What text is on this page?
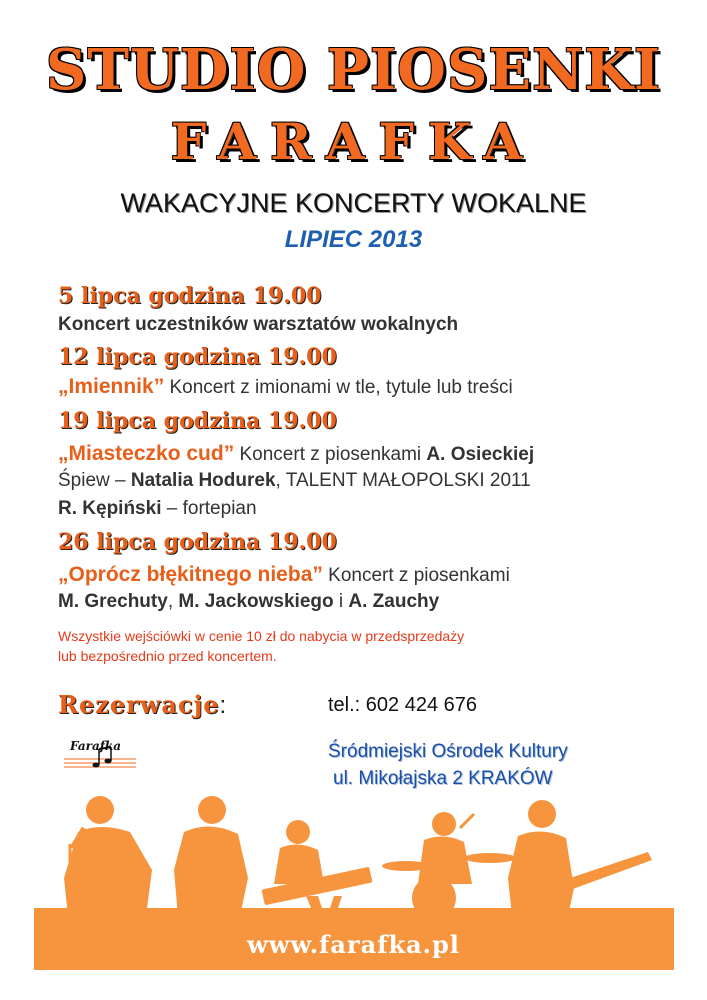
STUDIO PIOSENKI
FARAFKA
WAKACYJNE KONCERTY WOKALNE
LIPIEC 2013
5 lipca godzina 19.00
Koncert uczestników warsztatów wokalnych
12 lipca godzina 19.00
„Imiennik” Koncert z imionami w tle, tytule lub treści
19 lipca godzina 19.00
„Miasteczko cud” Koncert z piosenkami A. Osieckiej
Śpiew – Natalia Hodurek, TALENT MAŁOPOLSKI 2011
R. Kępiński – fortepian
26 lipca godzina 19.00
„Oprócz błękitnego nieba” Koncert z piosenkami
M. Grechuty, M. Jackowskiego i A. Zauchy
Wszystkie wejściówki w cenie 10 zł do nabycia w przedsprzedaży
lub bezpośrednio przed koncertem.
Rezerwacje:	tel.: 602 424 676
Farafka	Śródmiejski Ośrodek Kultury
ul. Mikołajska 2 KRAKÓW
www.farafka.pl
